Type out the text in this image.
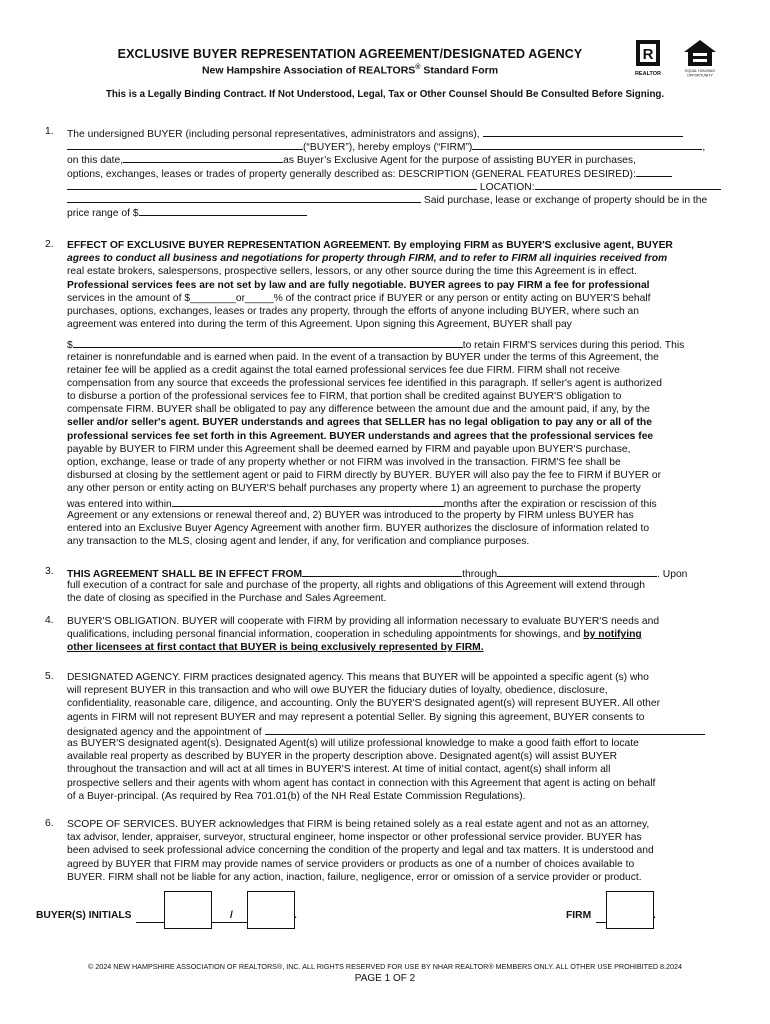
EXCLUSIVE BUYER REPRESENTATION AGREEMENT/DESIGNATED AGENCY
New Hampshire Association of REALTORS® Standard Form
R
REALTOR	EQUAL HOUSING
OPPORTUNITY
This is a Legally Binding Contract. If Not Understood, Legal, Tax or Other Counsel Should Be Consulted Before Signing.
1. The undersigned BUYER (including personal representatives, administrators and assigns),
(“BUYER”), hereby employs (“FIRM”)	,
on this date,	as Buyer’s Exclusive Agent for the purpose of assisting BUYER in purchases,
options, exchanges, leases or trades of property generally described as: DESCRIPTION (GENERAL FEATURES DESIRED):
LOCATION:
Said purchase, lease or exchange of property should be in the
price range of $
2. EFFECT OF EXCLUSIVE BUYER REPRESENTATION AGREEMENT. By employing FIRM as BUYER'S exclusive agent, BUYER
agrees to conduct all business and negotiations for property through FIRM, and to refer to FIRM all inquiries received from
real estate brokers, salespersons, prospective sellers, lessors, or any other source during the time this Agreement is in effect.
Professional services fees are not set by law and are fully negotiable. BUYER agrees to pay FIRM a fee for professional
services in the amount of $________or_____% of the contract price if BUYER or any person or entity acting on BUYER'S behalf
purchases, options, exchanges, leases or trades any property, through the efforts of anyone including BUYER, where such an
agreement was entered into during the term of this Agreement. Upon signing this Agreement, BUYER shall pay
$	to retain FIRM'S services during this period. This
retainer is nonrefundable and is earned when paid. In the event of a transaction by BUYER under the terms of this Agreement, the
retainer fee will be applied as a credit against the total earned professional services fee due FIRM. FIRM shall not receive
compensation from any source that exceeds the professional services fee identified in this paragraph. If seller's agent is authorized
to disburse a portion of the professional services fee to FIRM, that portion shall be credited against BUYER'S obligation to
compensate FIRM. BUYER shall be obligated to pay any difference between the amount due and the amount paid, if any, by the
seller and/or seller's agent. BUYER understands and agrees that SELLER has no legal obligation to pay any or all of the
professional services fee set forth in this Agreement. BUYER understands and agrees that the professional services fee
payable by BUYER to FIRM under this Agreement shall be deemed earned by FIRM and payable upon BUYER'S purchase,
option, exchange, lease or trade of any property whether or not FIRM was involved in the transaction. FIRM'S fee shall be
disbursed at closing by the settlement agent or paid to FIRM directly by BUYER. BUYER will also pay the fee to FIRM if BUYER or
any other person or entity acting on BUYER'S behalf purchases any property where 1) an agreement to purchase the property
was entered into within	months after the expiration or rescission of this
Agreement or any extensions or renewal thereof and, 2) BUYER was introduced to the property by FIRM unless BUYER has
entered into an Exclusive Buyer Agency Agreement with another firm. BUYER authorizes the disclosure of information related to
any transaction to the MLS, closing agent and lender, if any, for verification and compliance purposes.
3. THIS AGREEMENT SHALL BE IN EFFECT FROM	through	. Upon
full execution of a contract for sale and purchase of the property, all rights and obligations of this Agreement will extend through
the date of closing as specified in the Purchase and Sales Agreement.
4. BUYER'S OBLIGATION. BUYER will cooperate with FIRM by providing all information necessary to evaluate BUYER'S needs and
qualifications, including personal financial information, cooperation in scheduling appointments for showings, and by notifying
other licensees at first contact that BUYER is being exclusively represented by FIRM.
5. DESIGNATED AGENCY. FIRM practices designated agency. This means that BUYER will be appointed a specific agent (s) who
will represent BUYER in this transaction and who will owe BUYER the fiduciary duties of loyalty, obedience, disclosure,
confidentiality, reasonable care, diligence, and accounting. Only the BUYER'S designated agent(s) will represent BUYER. All other
agents in FIRM will not represent BUYER and may represent a potential Seller. By signing this agreement, BUYER consents to
designated agency and the appointment of
as BUYER'S designated agent(s). Designated Agent(s) will utilize professional knowledge to make a good faith effort to locate
available real property as described by BUYER in the property description above. Designated agent(s) will assist BUYER
throughout the transaction and will act at all times in BUYER'S interest. At time of initial contact, agent(s) shall inform all
prospective sellers and their agents with whom agent has contact in connection with this Agreement that agent is acting on behalf
of a Buyer-principal. (As required by Rea 701.01(b) of the NH Real Estate Commission Regulations).
6. SCOPE OF SERVICES. BUYER acknowledges that FIRM is being retained solely as a real estate agent and not as an attorney,
tax advisor, lender, appraiser, surveyor, structural engineer, home inspector or other professional service provider. BUYER has
been advised to seek professional advice concerning the condition of the property and legal and tax matters. It is understood and
agreed by BUYER that FIRM may provide names of service providers or products as one of a number of choices available to
BUYER. FIRM shall not be liable for any action, inaction, failure, negligence, error or omission of a service provider or product.
BUYER(S) INITIALS	/	.	FIRM	.
© 2024 NEW HAMPSHIRE ASSOCIATION OF REALTORS®, INC. ALL RIGHTS RESERVED FOR USE BY NHAR REALTOR® MEMBERS ONLY. ALL OTHER USE PROHIBITED 8.2024
PAGE 1 OF 2
